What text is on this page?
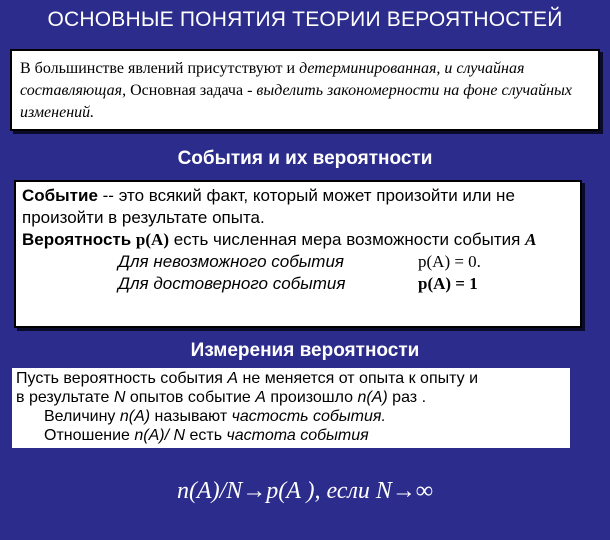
ОСНОВНЫЕ ПОНЯТИЯ ТЕОРИИ ВЕРОЯТНОСТЕЙ
В большинстве явлений присутствуют и детерминированная, и случайная составляющая, Основная задача - выделить закономерности на фоне случайных изменений.
События и их вероятности
Событие -- это всякий факт, который может произойти или не произойти в результате опыта.
Вероятность p(A) есть численная мера возможности события A
Для невозможного события	p(A) = 0.
Для достоверного события	p(A) = 1
Измерения вероятности
Пусть вероятность события A не меняется от опыта к опыту и
в результате N опытов событие A произошло n(A) раз .
Величину n(A) называют частость события.
Отношение n(A)/ N есть частота события
n(A)/N→p(A ), если N→∞
